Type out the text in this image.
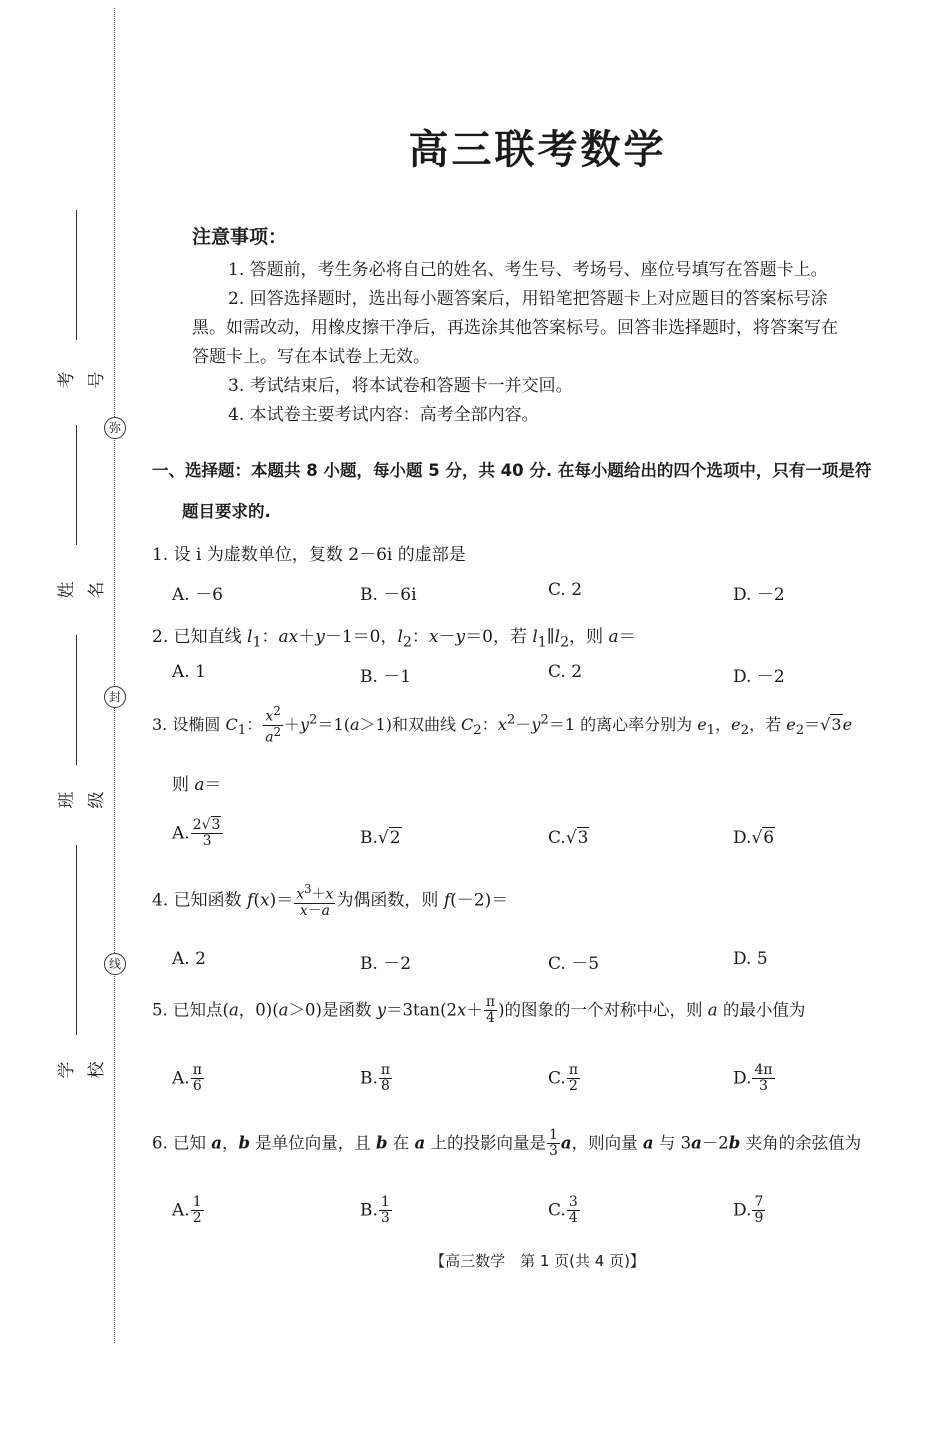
弥
封
线
考号
姓名
班级
学校
高三联考数学
注意事项：
1. 答题前，考生务必将自己的姓名、考生号、考场号、座位号填写在答题卡上。
2. 回答选择题时，选出每小题答案后，用铅笔把答题卡上对应题目的答案标号涂
黑。如需改动，用橡皮擦干净后，再选涂其他答案标号。回答非选择题时，将答案写在
答题卡上。写在本试卷上无效。
3. 考试结束后，将本试卷和答题卡一并交回。
4. 本试卷主要考试内容：高考全部内容。
一、选择题：本题共 8 小题，每小题 5 分，共 40 分. 在每小题给出的四个选项中，只有一项是符
题目要求的.
1. 设 i 为虚数单位，复数 2－6i 的虚部是
A. －6	B. －6i	C. 2	D. －2
2. 已知直线 $l_1$：ax＋y－1＝0，$l_2$：x－y＝0，若 $l_1\parallel l_2$，则 a＝
A. 1	B. －1	C. 2	D. －2
3. 设椭圆 $C_1$： $\frac{x^2}{a^2} +y^2=1(a>1)$和双曲线 $C_2$：$x^2-y^2=1$ 的离心率分别为 $e_1$，$e_2$，若 $e_2=√3e$
则 a＝
A. $\frac{2√3}{3}$	B.√2	C.√3	D.√6
4. 已知函数 $f(x)= \frac{x^3+x}{x-a}$ 为偶函数，则 f(－2)＝
A. 2	B. －2	C. －5	D. 5
5. 已知点(a，0)(a＞0)是函数 $y=3\tan(2x+ \frac{\pi}{4}$ )的图象的一个对称中心，则 a 的最小值为
A. $\frac{\pi}{6}$	B. $\frac{\pi}{8}$	C. $\frac{\pi}{2}$	D. $\frac{4\pi}{3}$
6. 已知 a，b 是单位向量，且 b 在 a 上的投影向量是 $\frac{1}{3}$ a，则向量 a 与 3a－2b 夹角的余弦值为
A. $\frac{1}{2}$	B. $\frac{1}{3}$	C. $\frac{3}{4}$	D. $\frac{7}{9}$
【高三数学　第 1 页(共 4 页)】
